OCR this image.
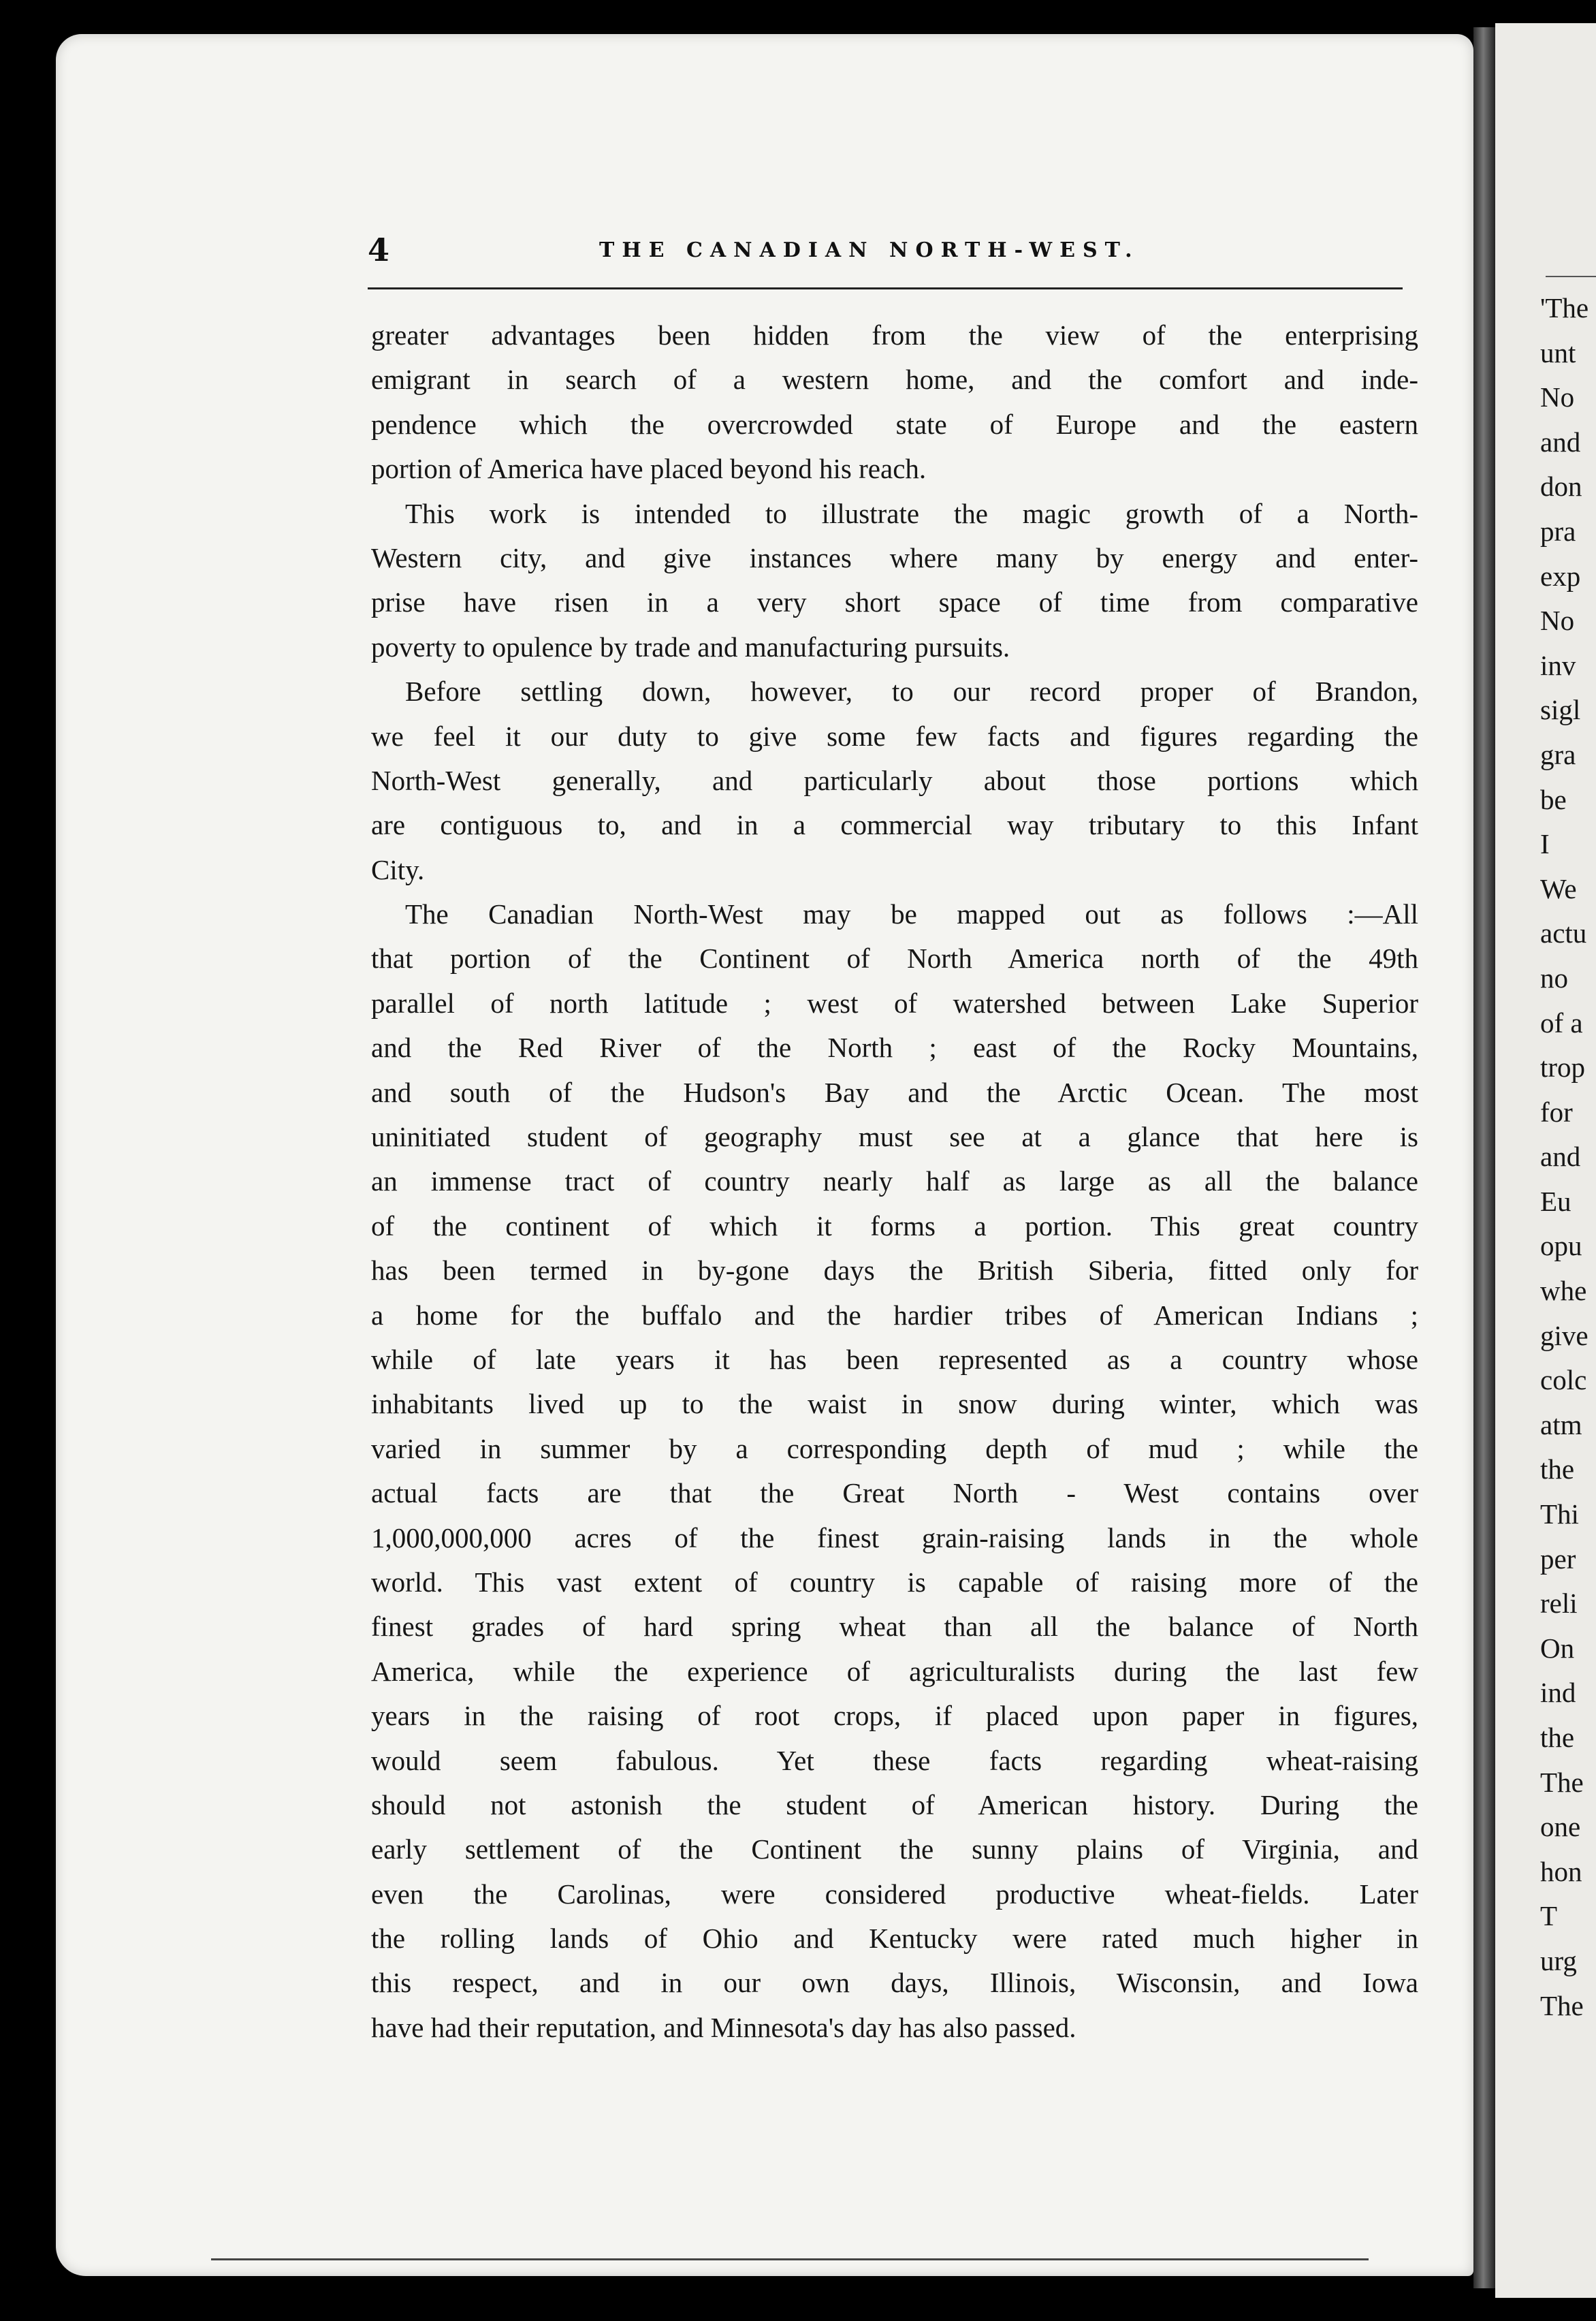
4	THE CANADIAN NORTH-WEST.
greater advantages been hidden from the view of the enterprising
emigrant in search of a western home, and the comfort and inde-
pendence which the overcrowded state of Europe and the eastern
portion of America have placed beyond his reach.
This work is intended to illustrate the magic growth of a North-
Western city, and give instances where many by energy and enter-
prise have risen in a very short space of time from comparative
poverty to opulence by trade and manufacturing pursuits.
Before settling down, however, to our record proper of Brandon,
we feel it our duty to give some few facts and figures regarding the
North-West generally, and particularly about those portions which
are contiguous to, and in a commercial way tributary to this Infant
City.
The Canadian North-West may be mapped out as follows :—All
that portion of the Continent of North America north of the 49th
parallel of north latitude ; west of watershed between Lake Superior
and the Red River of the North ; east of the Rocky Mountains,
and south of the Hudson's Bay and the Arctic Ocean. The most
uninitiated student of geography must see at a glance that here is
an immense tract of country nearly half as large as all the balance
of the continent of which it forms a portion. This great country
has been termed in by-gone days the British Siberia, fitted only for
a home for the buffalo and the hardier tribes of American Indians ;
while of late years it has been represented as a country whose
inhabitants lived up to the waist in snow during winter, which was
varied in summer by a corresponding depth of mud ; while the
actual facts are that the Great North - West contains over
1,000,000,000 acres of the finest grain-raising lands in the whole
world. This vast extent of country is capable of raising more of the
finest grades of hard spring wheat than all the balance of North
America, while the experience of agriculturalists during the last few
years in the raising of root crops, if placed upon paper in figures,
would seem fabulous. Yet these facts regarding wheat-raising
should not astonish the student of American history. During the
early settlement of the Continent the sunny plains of Virginia, and
even the Carolinas, were considered productive wheat-fields. Later
the rolling lands of Ohio and Kentucky were rated much higher in
this respect, and in our own days, Illinois, Wisconsin, and Iowa
have had their reputation, and Minnesota's day has also passed.
'The
unt
No
and
don
pra
exp
No
inv
sigl
gra
be
I
We
actu
no
of a
trop
for
and
Eu
opu
whe
give
colc
atm
the
Thi
per
reli
On
ind
the
The
one
hon
T
urg
The
